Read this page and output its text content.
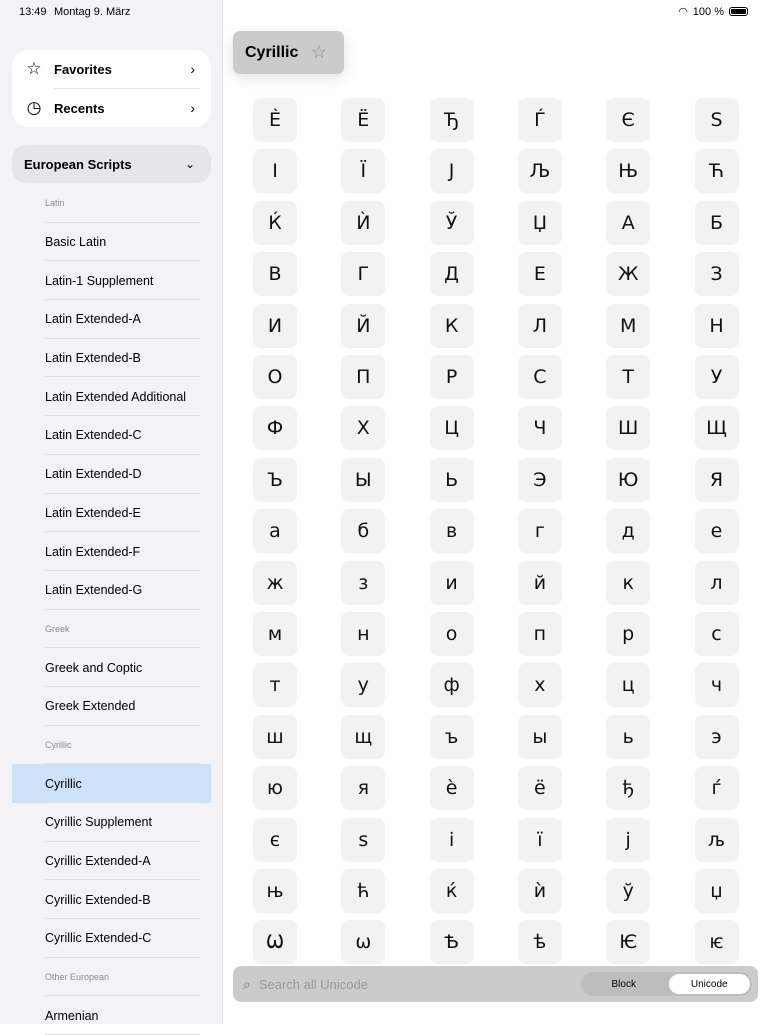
13:49 Montag 9. März
☆ Favorites	›
◷ Recents	›
European Scripts	⌄
Latin
Basic Latin
Latin-1 Supplement
Latin Extended-A
Latin Extended-B
Latin Extended Additional
Latin Extended-C
Latin Extended-D
Latin Extended-E
Latin Extended-F
Latin Extended-G
Greek
Greek and Coptic
Greek Extended
Cyrillic
Cyrillic
Cyrillic Supplement
Cyrillic Extended-A
Cyrillic Extended-B
Cyrillic Extended-C
Other European
Armenian
◠ 100 %
Cyrillic ☆
Ѐ	Ё	Ђ	Ѓ	Є	Ѕ
І	Ї	Ј	Љ	Њ	Ћ
Ќ	Ѝ	Ў	Џ	А	Б
В	Г	Д	Е	Ж	З
И	Й	К	Л	М	Н
О	П	Р	С	Т	У
Ф	Х	Ц	Ч	Ш	Щ
Ъ	Ы	Ь	Э	Ю	Я
а	б	в	г	д	е
ж	з	и	й	к	л
м	н	о	п	р	с
т	у	ф	х	ц	ч
ш	щ	ъ	ы	ь	э
ю	я	ѐ	ё	ђ	ѓ
є	ѕ	і	ї	ј	љ
њ	ћ	ќ	ѝ	ў	џ
Ѡ	ѡ	Ѣ	ѣ	Ѥ	ѥ
⌕
Search all Unicode	Block	Unicode
